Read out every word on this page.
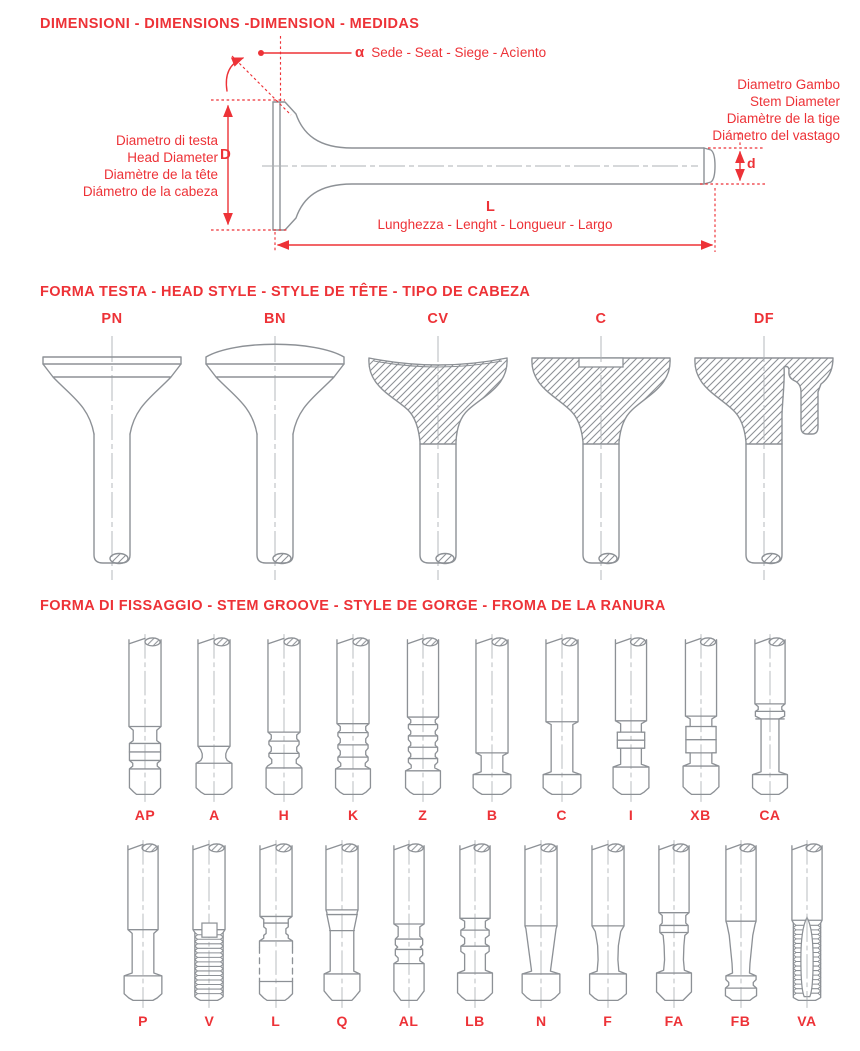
DIMENSIONI - DIMENSIONS -DIMENSION - MEDIDAS
α Sede - Seat - Siege - Acìento
Diametro Gambo
Stem Diameter
Diamètre de la tige
Diámetro del vastago
Diametro di testa
Head Diameter
Diamètre de la tête
Diámetro de la cabeza
D	d
L
Lunghezza - Lenght - Longueur - Largo
FORMA TESTA - HEAD STYLE - STYLE DE TÊTE - TIPO DE CABEZA
PN	BN	CV	C	DF
FORMA DI FISSAGGIO - STEM GROOVE - STYLE DE GORGE - FROMA DE LA RANURA
AP	A	H	K	Z	B	C	I	XB	CA
P	V	L	Q	AL	LB	N	F	FA	FB	VA
